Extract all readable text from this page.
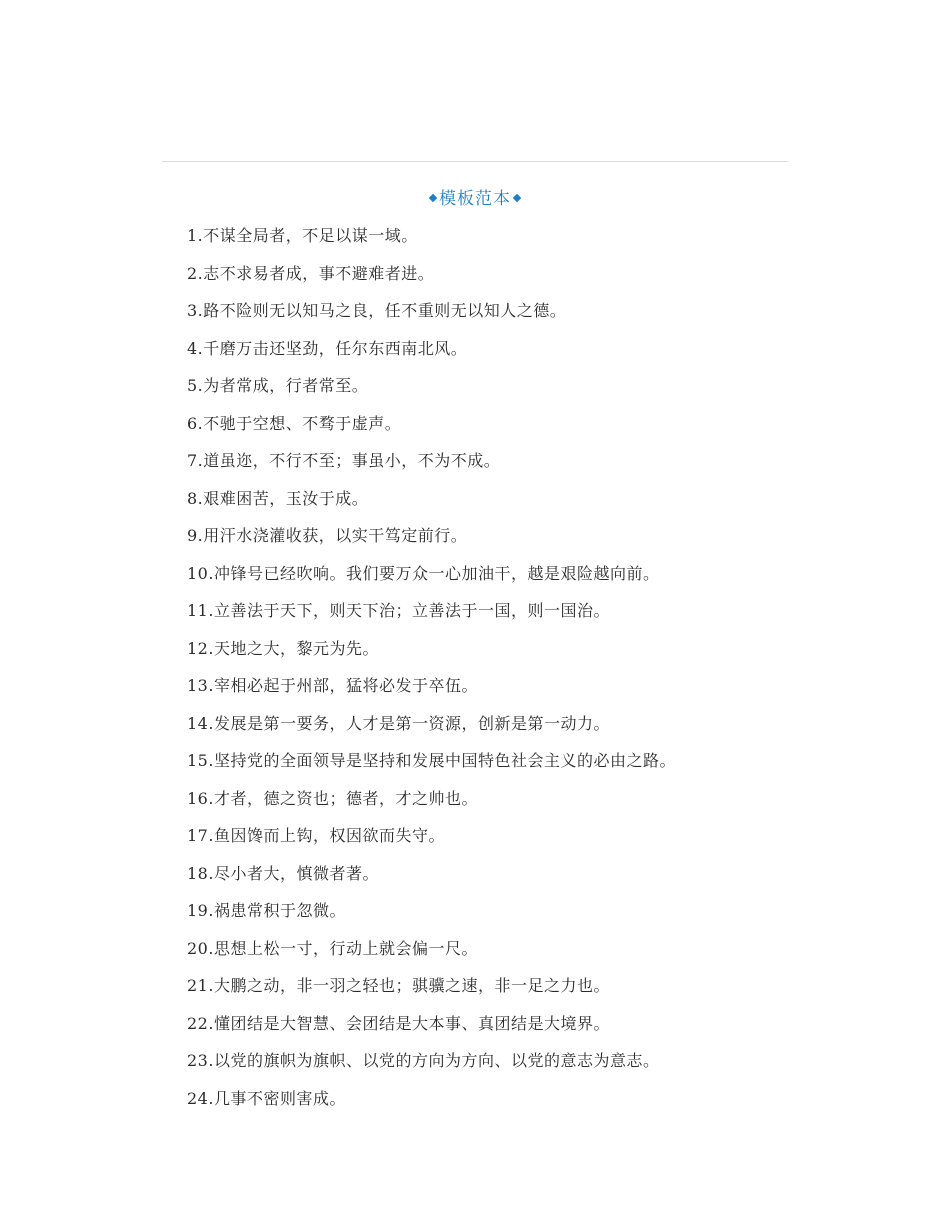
模板范本
1.不谋全局者，不足以谋一域。
2.志不求易者成，事不避难者进。
3.路不险则无以知马之良，任不重则无以知人之德。
4.千磨万击还坚劲，任尔东西南北风。
5.为者常成，行者常至。
6.不驰于空想、不骛于虚声。
7.道虽迩，不行不至；事虽小，不为不成。
8.艰难困苦，玉汝于成。
9.用汗水浇灌收获，以实干笃定前行。
10.冲锋号已经吹响。我们要万众一心加油干，越是艰险越向前。
11.立善法于天下，则天下治；立善法于一国，则一国治。
12.天地之大，黎元为先。
13.宰相必起于州部，猛将必发于卒伍。
14.发展是第一要务，人才是第一资源，创新是第一动力。
15.坚持党的全面领导是坚持和发展中国特色社会主义的必由之路。
16.才者，德之资也；德者，才之帅也。
17.鱼因馋而上钩，权因欲而失守。
18.尽小者大，慎微者著。
19.祸患常积于忽微。
20.思想上松一寸，行动上就会偏一尺。
21.大鹏之动，非一羽之轻也；骐骥之速，非一足之力也。
22.懂团结是大智慧、会团结是大本事、真团结是大境界。
23.以党的旗帜为旗帜、以党的方向为方向、以党的意志为意志。
24.几事不密则害成。
